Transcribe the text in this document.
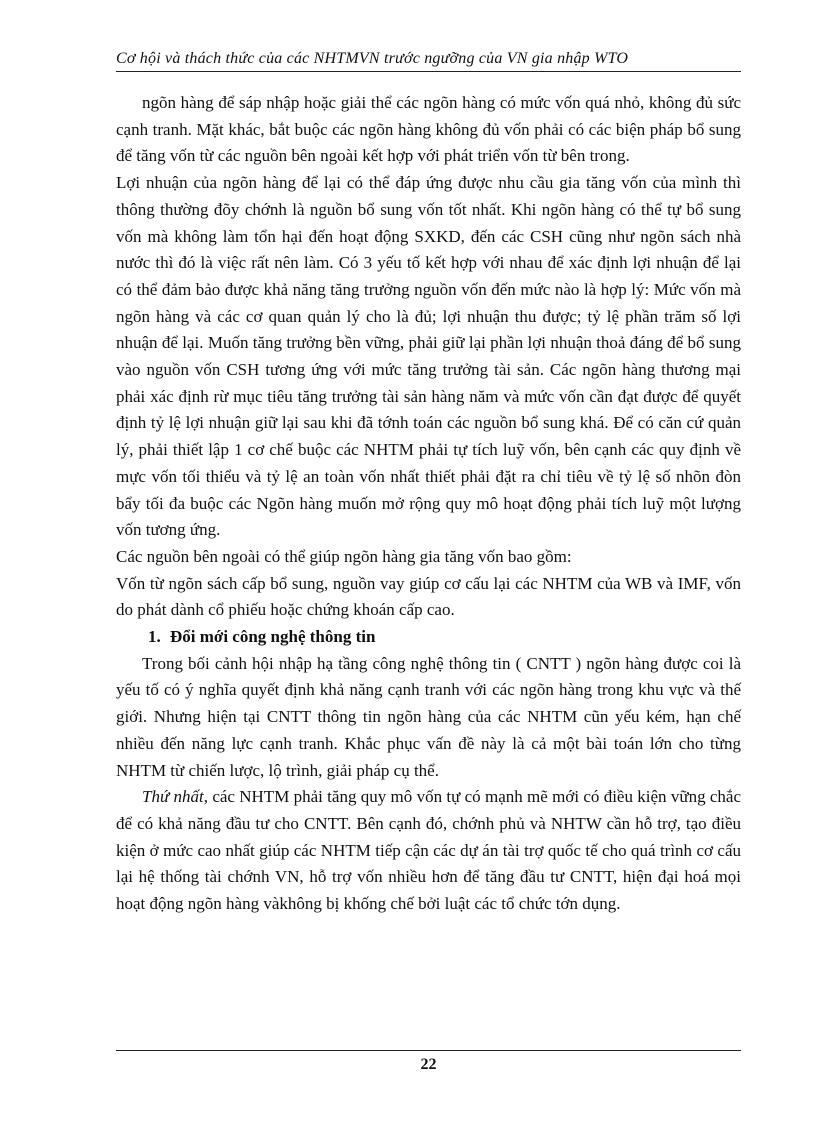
Cơ hội và thách thức của các NHTMVN trước ngưỡng của VN gia nhập WTO

ngõn hàng để sáp nhập hoặc giải thể các ngõn hàng có mức vốn quá nhỏ, không đủ sức cạnh tranh. Mặt khác, bắt buộc các ngõn hàng không đủ vốn phải có các biện pháp bổ sung để tăng vốn từ các nguồn bên ngoài kết hợp với phát triển vốn từ bên trong.

Lợi nhuận của ngõn hàng để lại có thể đáp ứng được nhu cầu gia tăng vốn của mình thì thông thường đõy chớnh là nguồn bổ sung vốn tốt nhất. Khi ngõn hàng có thể tự bổ sung vốn mà không làm tổn hại đến hoạt động SXKD, đến các CSH cũng như ngõn sách nhà nước thì đó là việc rất nên làm. Có 3 yếu tố kết hợp với nhau để xác định lợi nhuận để lại có thể đảm bảo được khả năng tăng trưởng nguồn vốn đến mức nào là hợp lý: Mức vốn mà ngõn hàng và các cơ quan quản lý cho là đủ; lợi nhuận thu được; tỷ lệ phần trăm số lợi nhuận để lại. Muốn tăng trưởng bền vững, phải giữ lại phần lợi nhuận thoả đáng để bổ sung vào nguồn vốn CSH tương ứng với mức tăng trưởng tài sản. Các ngõn hàng thương mại phải xác định rừ mục tiêu tăng trưởng tài sản hàng năm và mức vốn cần đạt được để quyết định tỷ lệ lợi nhuận giữ lại sau khi đã tớnh toán các nguồn bổ sung khá. Để có căn cứ quản lý, phải thiết lập 1 cơ chế buộc các NHTM phải tự tích luỹ vốn, bên cạnh các quy định về mực vốn tối thiểu và tỷ lệ an toàn vốn nhất thiết phải đặt ra chỉ tiêu về tỷ lệ số nhõn đòn bẩy tối đa buộc các Ngõn hàng muốn mở rộng quy mô hoạt động phải tích luỹ một lượng vốn tương ứng.

Các nguồn bên ngoài có thể giúp ngõn hàng gia tăng vốn bao gồm:

Vốn từ ngõn sách cấp bổ sung, nguồn vay giúp cơ cấu lại các NHTM của WB và IMF, vốn do phát dành cổ phiếu hoặc chứng khoán cấp cao.

1. Đổi mới công nghệ thông tin

Trong bối cảnh hội nhập hạ tầng công nghệ thông tin ( CNTT ) ngõn hàng được coi là yếu tố có ý nghĩa quyết định khả năng cạnh tranh với các ngõn hàng trong khu vực và thế giới. Nhưng hiện tại CNTT thông tin ngõn hàng của các NHTM cũn yếu kém, hạn chế nhiều đến năng lực cạnh tranh. Khắc phục vấn đề này là cả một bài toán lớn cho từng NHTM từ chiến lược, lộ trình, giải pháp cụ thể.

Thứ nhất, các NHTM phải tăng quy mô vốn tự có mạnh mẽ mới có điều kiện vững chắc để có khả năng đầu tư cho CNTT. Bên cạnh đó, chớnh phủ và NHTW cần hỗ trợ, tạo điều kiện ở mức cao nhất giúp các NHTM tiếp cận các dự án tài trợ quốc tế cho quá trình cơ cấu lại hệ thống tài chớnh VN, hỗ trợ vốn nhiều hơn để tăng đầu tư CNTT, hiện đại hoá mọi hoạt động ngõn hàng vàkhông bị khống chế bởi luật các tổ chức tớn dụng.

22
